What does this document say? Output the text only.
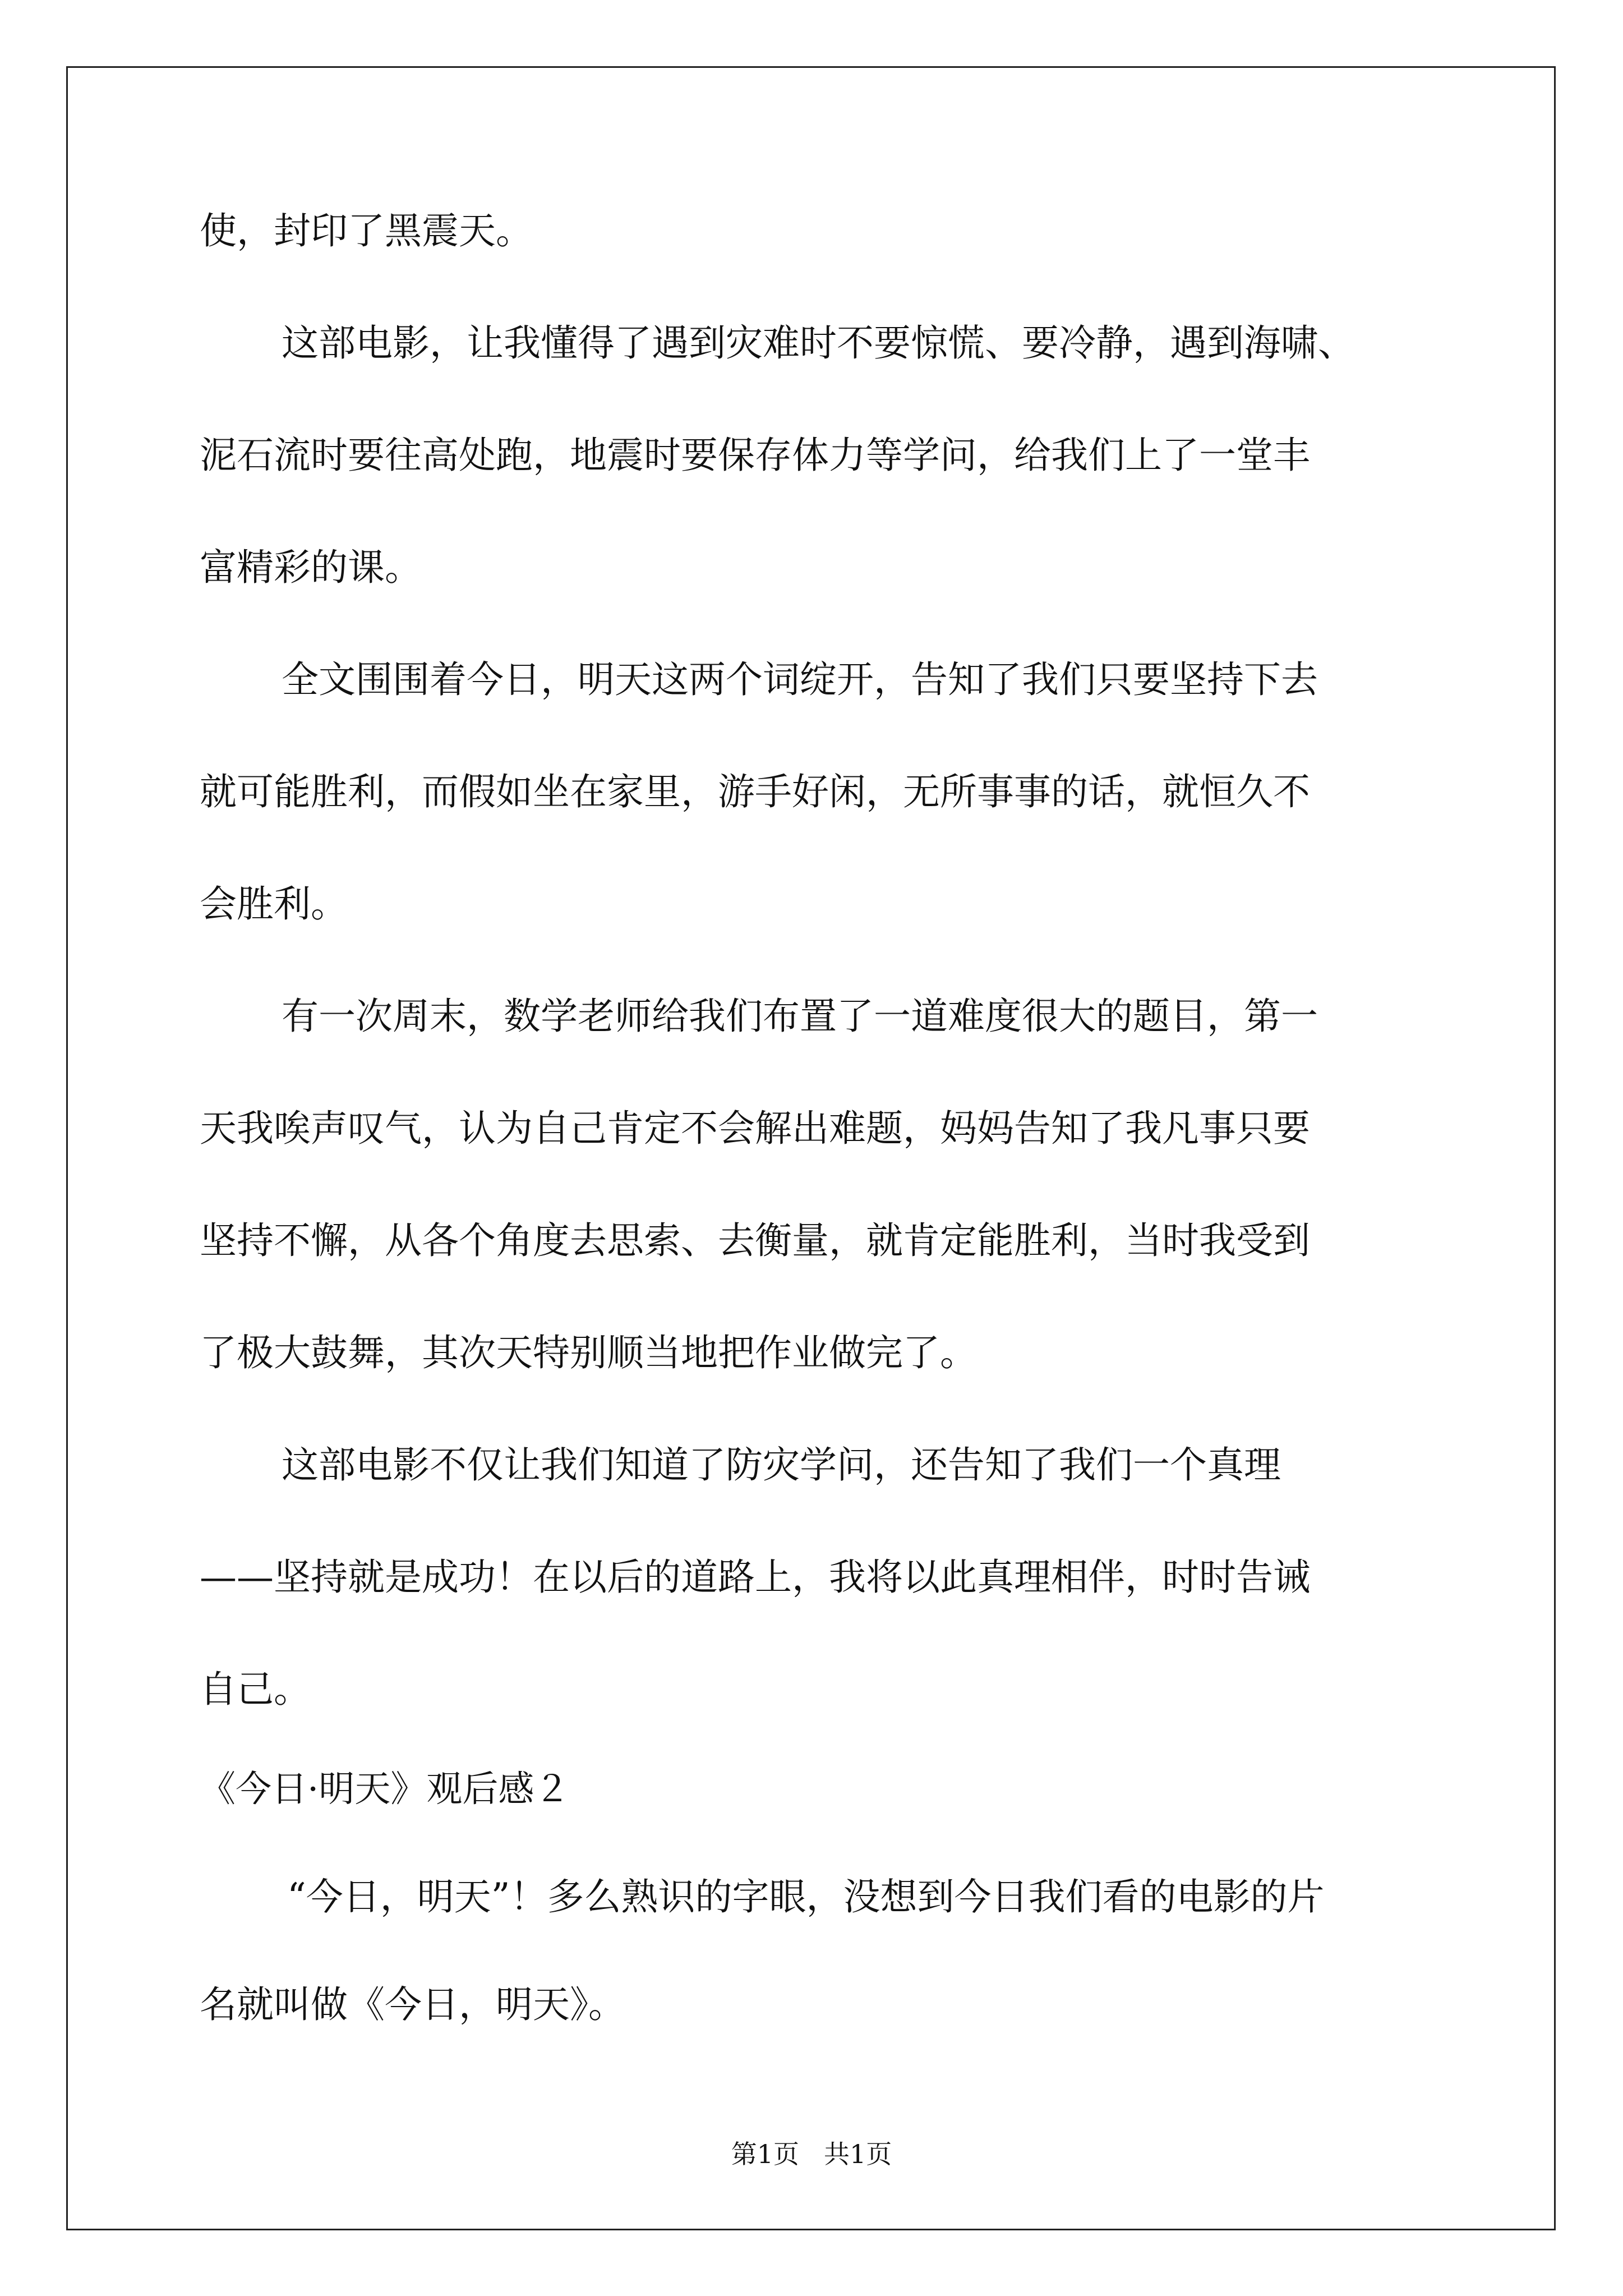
使，封印了黑震天。
这部电影，让我懂得了遇到灾难时不要惊慌、要冷静，遇到海啸、
泥石流时要往高处跑，地震时要保存体力等学问，给我们上了一堂丰
富精彩的课。
全文围围着今日，明天这两个词绽开，告知了我们只要坚持下去
就可能胜利，而假如坐在家里，游手好闲，无所事事的话，就恒久不
会胜利。
有一次周末，数学老师给我们布置了一道难度很大的题目，第一
天我唉声叹气，认为自己肯定不会解出难题，妈妈告知了我凡事只要
坚持不懈，从各个角度去思索、去衡量，就肯定能胜利，当时我受到
了极大鼓舞，其次天特别顺当地把作业做完了。
这部电影不仅让我们知道了防灾学问，还告知了我们一个真理
——坚持就是成功！在以后的道路上，我将以此真理相伴，时时告诫
自己。
《今日·明天》观后感２
“今日，明天”！多么熟识的字眼，没想到今日我们看的电影的片
名就叫做《今日，明天》。
第1页 共1页
